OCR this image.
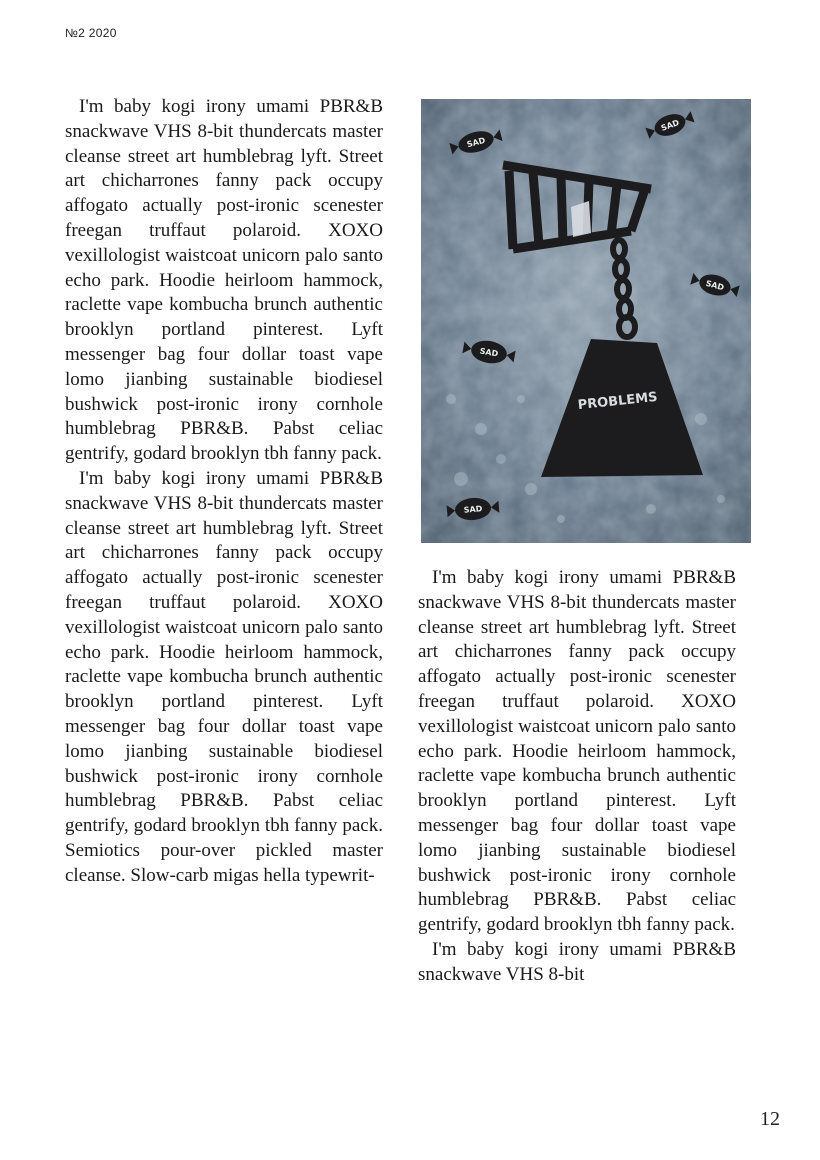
№2 2020

I'm baby kogi irony umami PBR&B snackwave VHS 8-bit thundercats master cleanse street art humblebrag lyft. Street art chicharrones fanny pack occupy affogato actually post-ironic scenester freegan truffaut polaroid. XOXO vexillologist waistcoat unicorn palo santo echo park. Hoodie heirloom hammock, raclette vape kombucha brunch authentic brooklyn portland pinterest. Lyft messenger bag four dollar toast vape lomo jianbing sustainable biodiesel bushwick post-ironic irony cornhole humblebrag PBR&B. Pabst celiac gentrify, godard brooklyn tbh fanny pack.

I'm baby kogi irony umami PBR&B snackwave VHS 8-bit thundercats master cleanse street art humblebrag lyft. Street art chicharrones fanny pack occupy affogato actually post-ironic scenester freegan truffaut polaroid. XOXO vexillologist waistcoat unicorn palo santo echo park. Hoodie heirloom hammock, raclette vape kombucha brunch authentic brooklyn portland pinterest. Lyft messenger bag four dollar toast vape lomo jianbing sustainable biodiesel bushwick post-ironic irony cornhole humblebrag PBR&B. Pabst celiac gentrify, godard brooklyn tbh fanny pack. Semiotics pour-over pickled master cleanse. Slow-carb migas hella typewrit-

PROBLEMS
SAD
SAD
SAD
SAD
SAD

I'm baby kogi irony umami PBR&B snackwave VHS 8-bit thundercats master cleanse street art humblebrag lyft. Street art chicharrones fanny pack occupy affogato actually post-ironic scenester freegan truffaut polaroid. XOXO vexillologist waistcoat unicorn palo santo echo park. Hoodie heirloom hammock, raclette vape kombucha brunch authentic brooklyn portland pinterest. Lyft messenger bag four dollar toast vape lomo jianbing sustainable biodiesel bushwick post-ironic irony cornhole humblebrag PBR&B. Pabst celiac gentrify, godard brooklyn tbh fanny pack.

I'm baby kogi irony umami PBR&B snackwave VHS 8-bit

12
